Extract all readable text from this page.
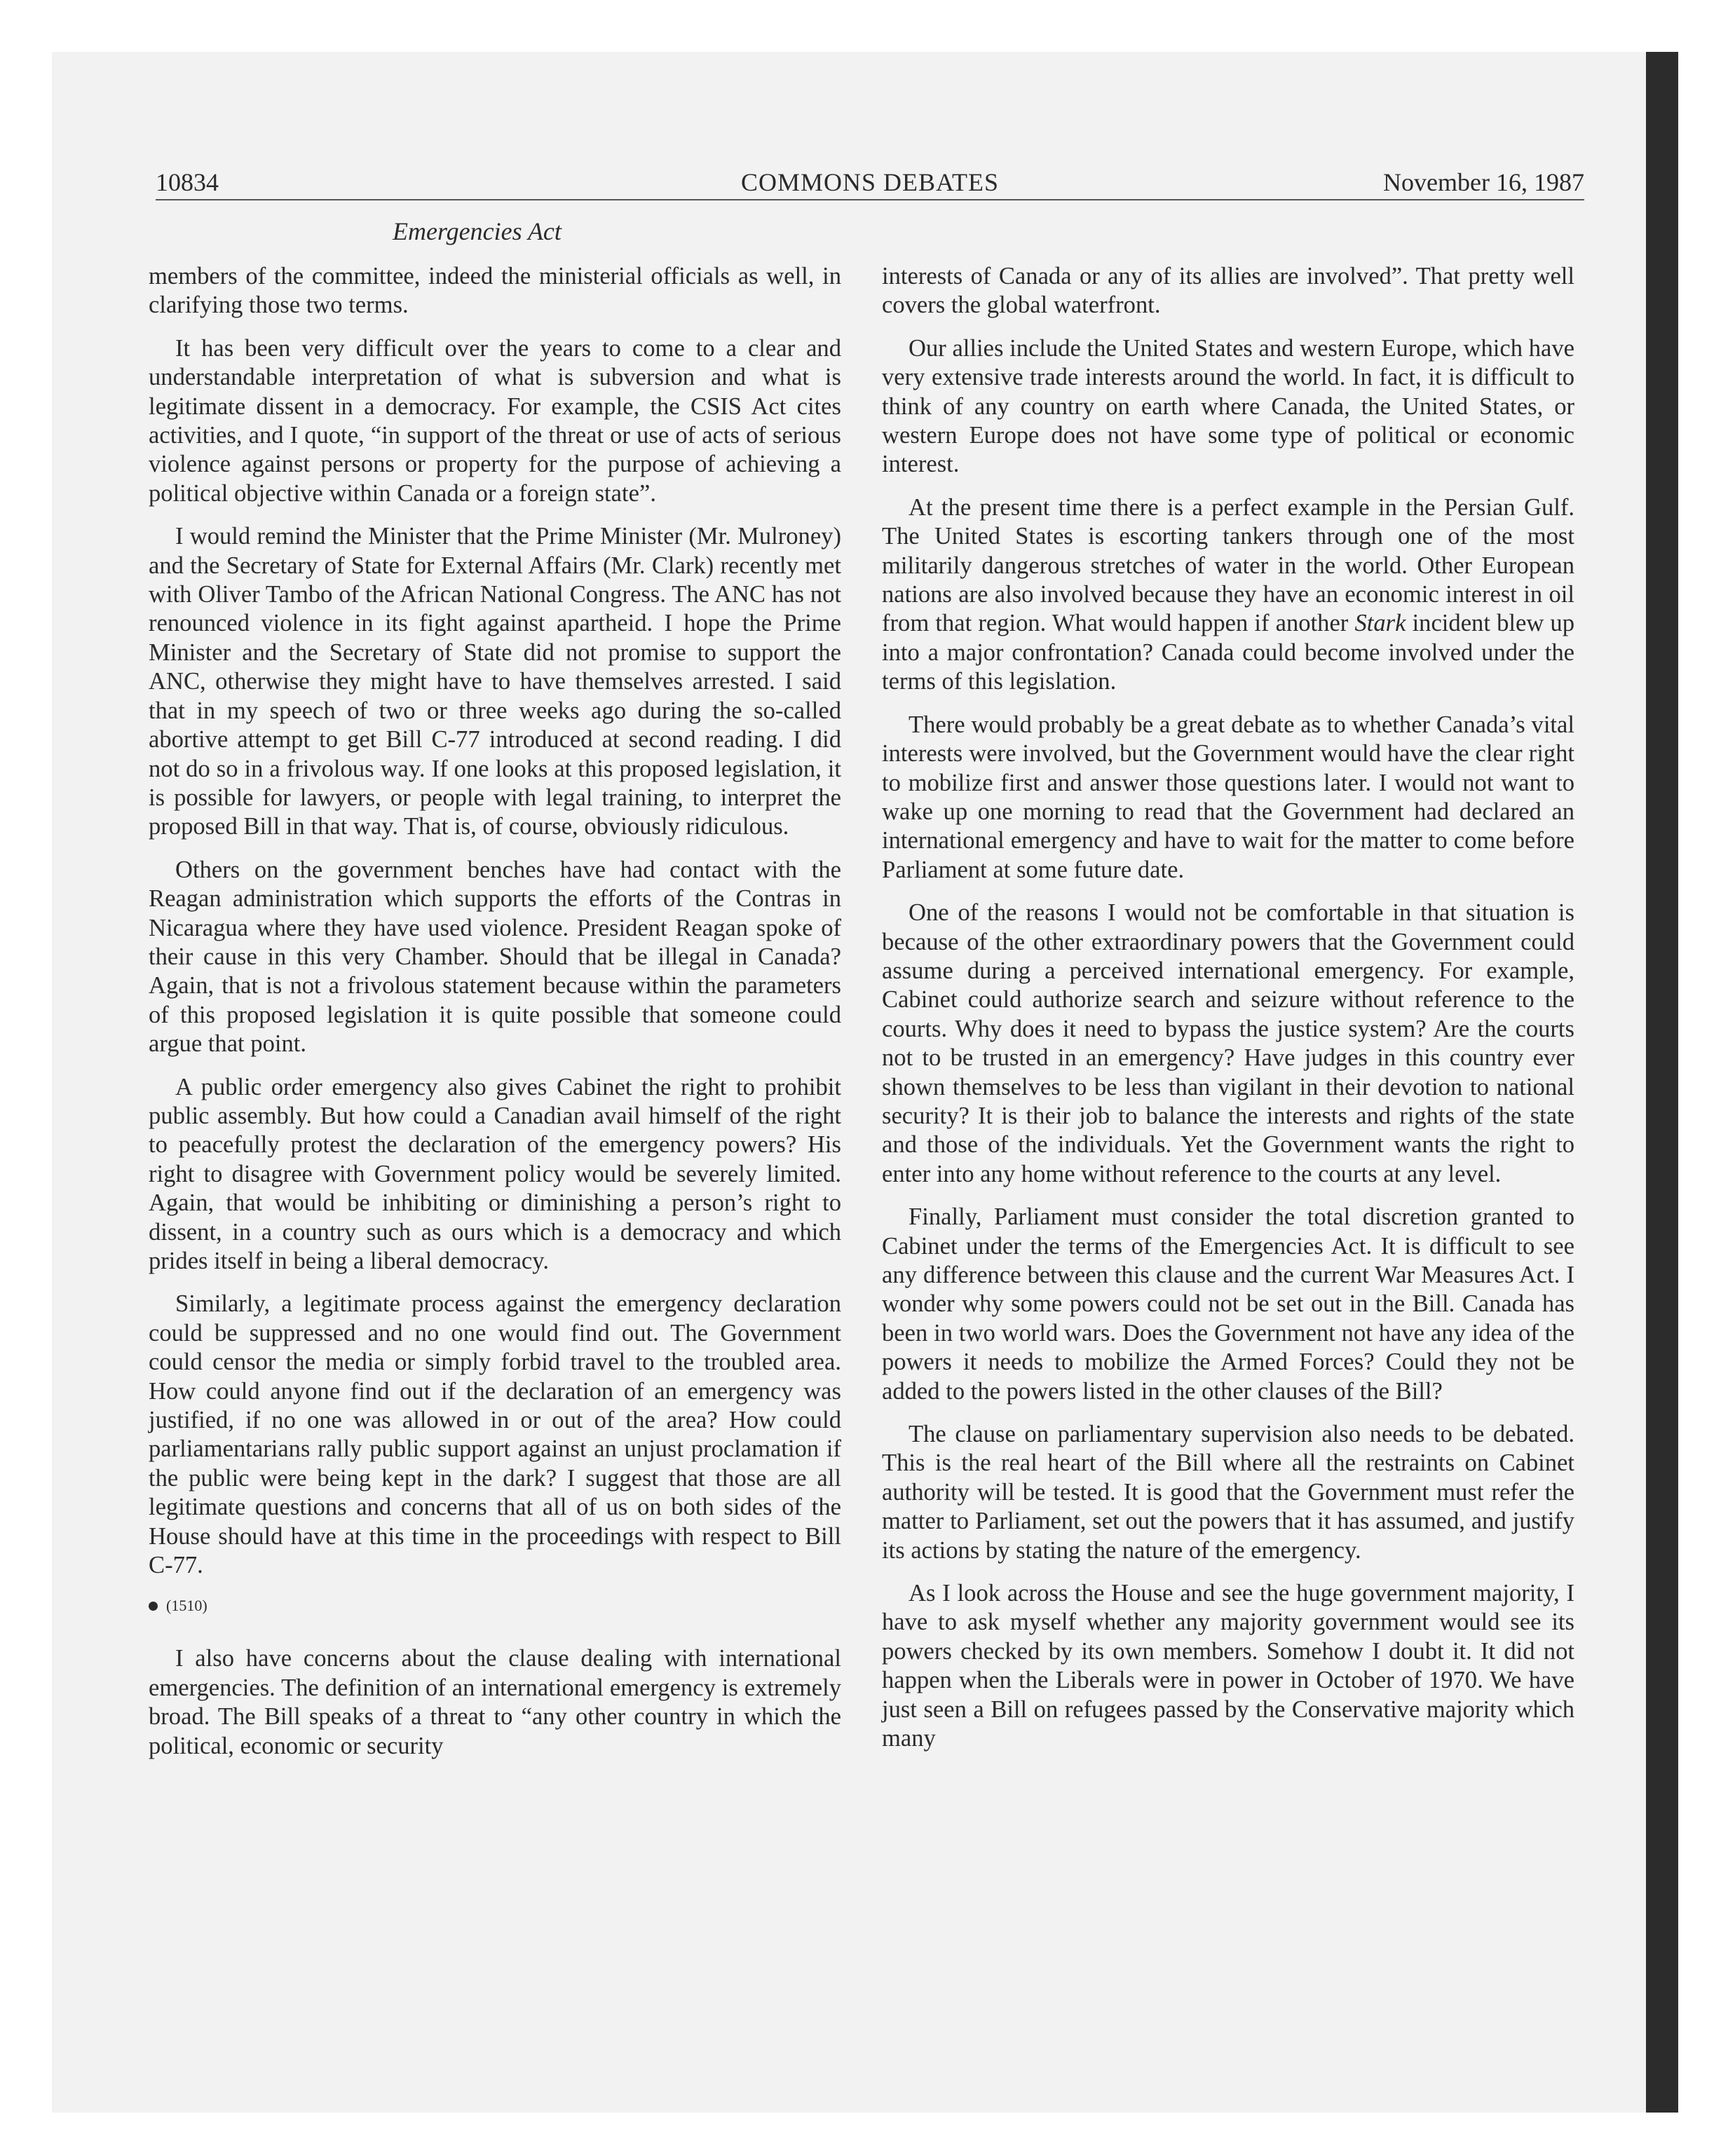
10834	COMMONS DEBATES	November 16, 1987
Emergencies Act

members of the committee, indeed the ministerial officials as well, in clarifying those two terms.

It has been very difficult over the years to come to a clear and understandable interpretation of what is subversion and what is legitimate dissent in a democracy. For example, the CSIS Act cites activities, and I quote, “in support of the threat or use of acts of serious violence against persons or property for the purpose of achieving a political objective within Canada or a foreign state”.

I would remind the Minister that the Prime Minister (Mr. Mulroney) and the Secretary of State for External Affairs (Mr. Clark) recently met with Oliver Tambo of the African National Congress. The ANC has not renounced violence in its fight against apartheid. I hope the Prime Minister and the Secretary of State did not promise to support the ANC, otherwise they might have to have themselves arrested. I said that in my speech of two or three weeks ago during the so-called abortive attempt to get Bill C-77 introduced at second reading. I did not do so in a frivolous way. If one looks at this proposed legislation, it is possible for lawyers, or people with legal training, to interpret the proposed Bill in that way. That is, of course, obviously ridiculous.

Others on the government benches have had contact with the Reagan administration which supports the efforts of the Contras in Nicaragua where they have used violence. President Reagan spoke of their cause in this very Chamber. Should that be illegal in Canada? Again, that is not a frivolous statement because within the parameters of this proposed legislation it is quite possible that someone could argue that point.

A public order emergency also gives Cabinet the right to prohibit public assembly. But how could a Canadian avail himself of the right to peacefully protest the declaration of the emergency powers? His right to disagree with Government policy would be severely limited. Again, that would be inhibiting or diminishing a person’s right to dissent, in a country such as ours which is a democracy and which prides itself in being a liberal democracy.

Similarly, a legitimate process against the emergency declaration could be suppressed and no one would find out. The Government could censor the media or simply forbid travel to the troubled area. How could anyone find out if the declaration of an emergency was justified, if no one was allowed in or out of the area? How could parliamentarians rally public support against an unjust proclamation if the public were being kept in the dark? I suggest that those are all legitimate questions and concerns that all of us on both sides of the House should have at this time in the proceedings with respect to Bill C-77.

(1510)

I also have concerns about the clause dealing with international emergencies. The definition of an international emergency is extremely broad. The Bill speaks of a threat to “any other country in which the political, economic or security

interests of Canada or any of its allies are involved”. That pretty well covers the global waterfront.

Our allies include the United States and western Europe, which have very extensive trade interests around the world. In fact, it is difficult to think of any country on earth where Canada, the United States, or western Europe does not have some type of political or economic interest.

At the present time there is a perfect example in the Persian Gulf. The United States is escorting tankers through one of the most militarily dangerous stretches of water in the world. Other European nations are also involved because they have an economic interest in oil from that region. What would happen if another Stark incident blew up into a major confrontation? Canada could become involved under the terms of this legislation.

There would probably be a great debate as to whether Canada’s vital interests were involved, but the Government would have the clear right to mobilize first and answer those questions later. I would not want to wake up one morning to read that the Government had declared an international emergency and have to wait for the matter to come before Parliament at some future date.

One of the reasons I would not be comfortable in that situation is because of the other extraordinary powers that the Government could assume during a perceived international emergency. For example, Cabinet could authorize search and seizure without reference to the courts. Why does it need to bypass the justice system? Are the courts not to be trusted in an emergency? Have judges in this country ever shown themselves to be less than vigilant in their devotion to national security? It is their job to balance the interests and rights of the state and those of the individuals. Yet the Government wants the right to enter into any home without reference to the courts at any level.

Finally, Parliament must consider the total discretion granted to Cabinet under the terms of the Emergencies Act. It is difficult to see any difference between this clause and the current War Measures Act. I wonder why some powers could not be set out in the Bill. Canada has been in two world wars. Does the Government not have any idea of the powers it needs to mobilize the Armed Forces? Could they not be added to the powers listed in the other clauses of the Bill?

The clause on parliamentary supervision also needs to be debated. This is the real heart of the Bill where all the restraints on Cabinet authority will be tested. It is good that the Government must refer the matter to Parliament, set out the powers that it has assumed, and justify its actions by stating the nature of the emergency.

As I look across the House and see the huge government majority, I have to ask myself whether any majority government would see its powers checked by its own members. Somehow I doubt it. It did not happen when the Liberals were in power in October of 1970. We have just seen a Bill on refugees passed by the Conservative majority which many
